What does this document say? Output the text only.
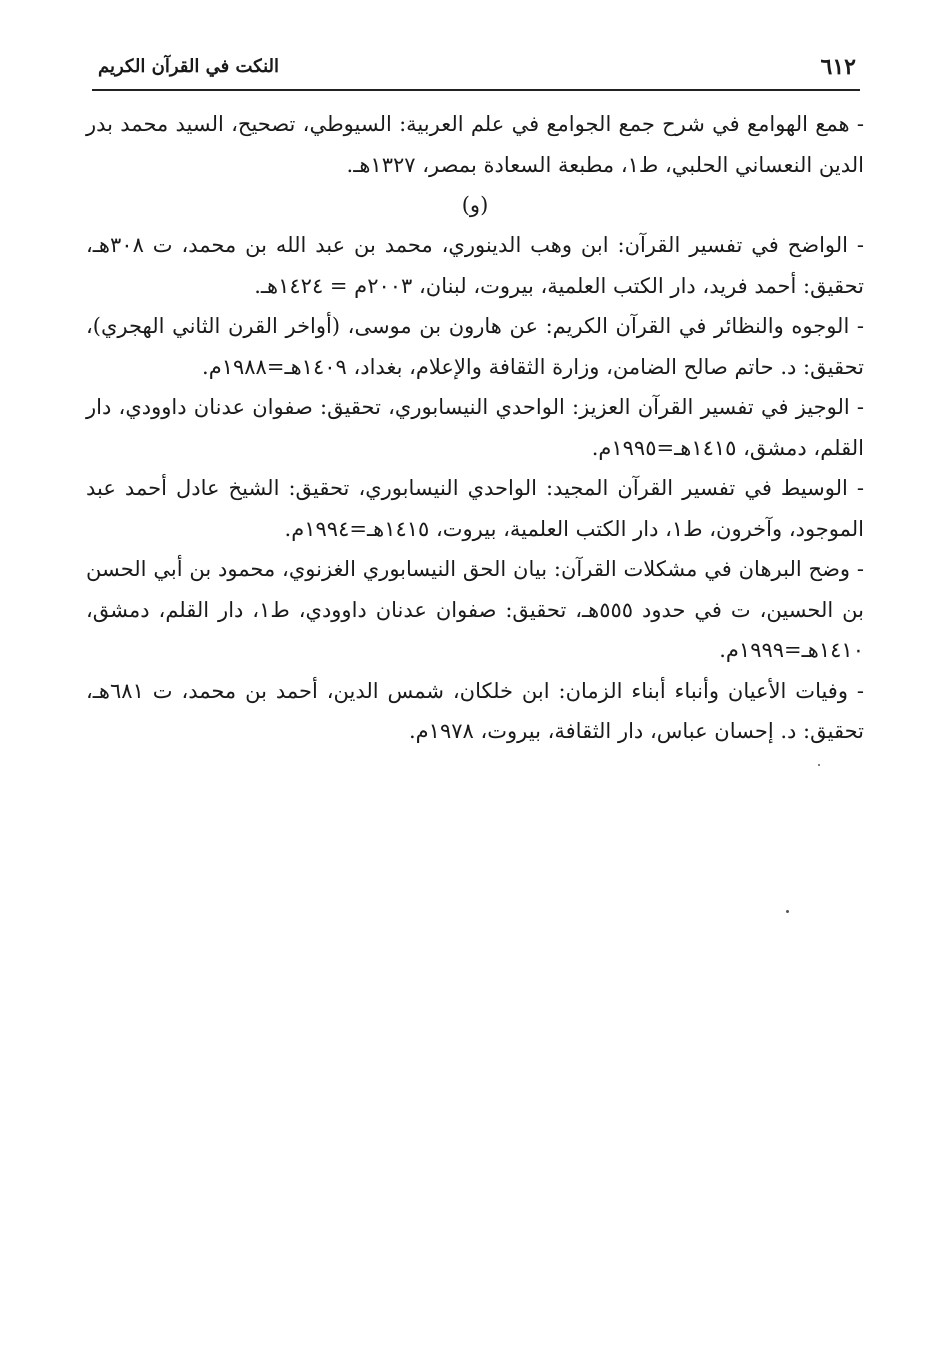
٦١٢
النكت في القرآن الكريم

- همع الهوامع في شرح جمع الجوامع في علم العربية: السيوطي، تصحيح، السيد محمد بدر الدين النعساني الحلبي، ط١، مطبعة السعادة بمصر، ١٣٢٧هـ.

(و)

- الواضح في تفسير القرآن: ابن وهب الدينوري، محمد بن عبد الله بن محمد، ت ٣٠٨هـ، تحقيق: أحمد فريد، دار الكتب العلمية، بيروت، لبنان، ٢٠٠٣م = ١٤٢٤هـ.

- الوجوه والنظائر في القرآن الكريم: عن هارون بن موسى، (أواخر القرن الثاني الهجري)، تحقيق: د. حاتم صالح الضامن، وزارة الثقافة والإعلام، بغداد، ١٤٠٩هـ=١٩٨٨م.

- الوجيز في تفسير القرآن العزيز: الواحدي النيسابوري، تحقيق: صفوان عدنان داوودي، دار القلم، دمشق، ١٤١٥هـ=١٩٩٥م.

- الوسيط في تفسير القرآن المجيد: الواحدي النيسابوري، تحقيق: الشيخ عادل أحمد عبد الموجود، وآخرون، ط١، دار الكتب العلمية، بيروت، ١٤١٥هـ=١٩٩٤م.

- وضح البرهان في مشكلات القرآن: بيان الحق النيسابوري الغزنوي، محمود بن أبي الحسن بن الحسين، ت في حدود ٥٥٥هـ، تحقيق: صفوان عدنان داوودي، ط١، دار القلم، دمشق، ١٤١٠هـ=١٩٩٩م.

- وفيات الأعيان وأنباء أبناء الزمان: ابن خلكان، شمس الدين، أحمد بن محمد، ت ٦٨١هـ، تحقيق: د. إحسان عباس، دار الثقافة، بيروت، ١٩٧٨م.
